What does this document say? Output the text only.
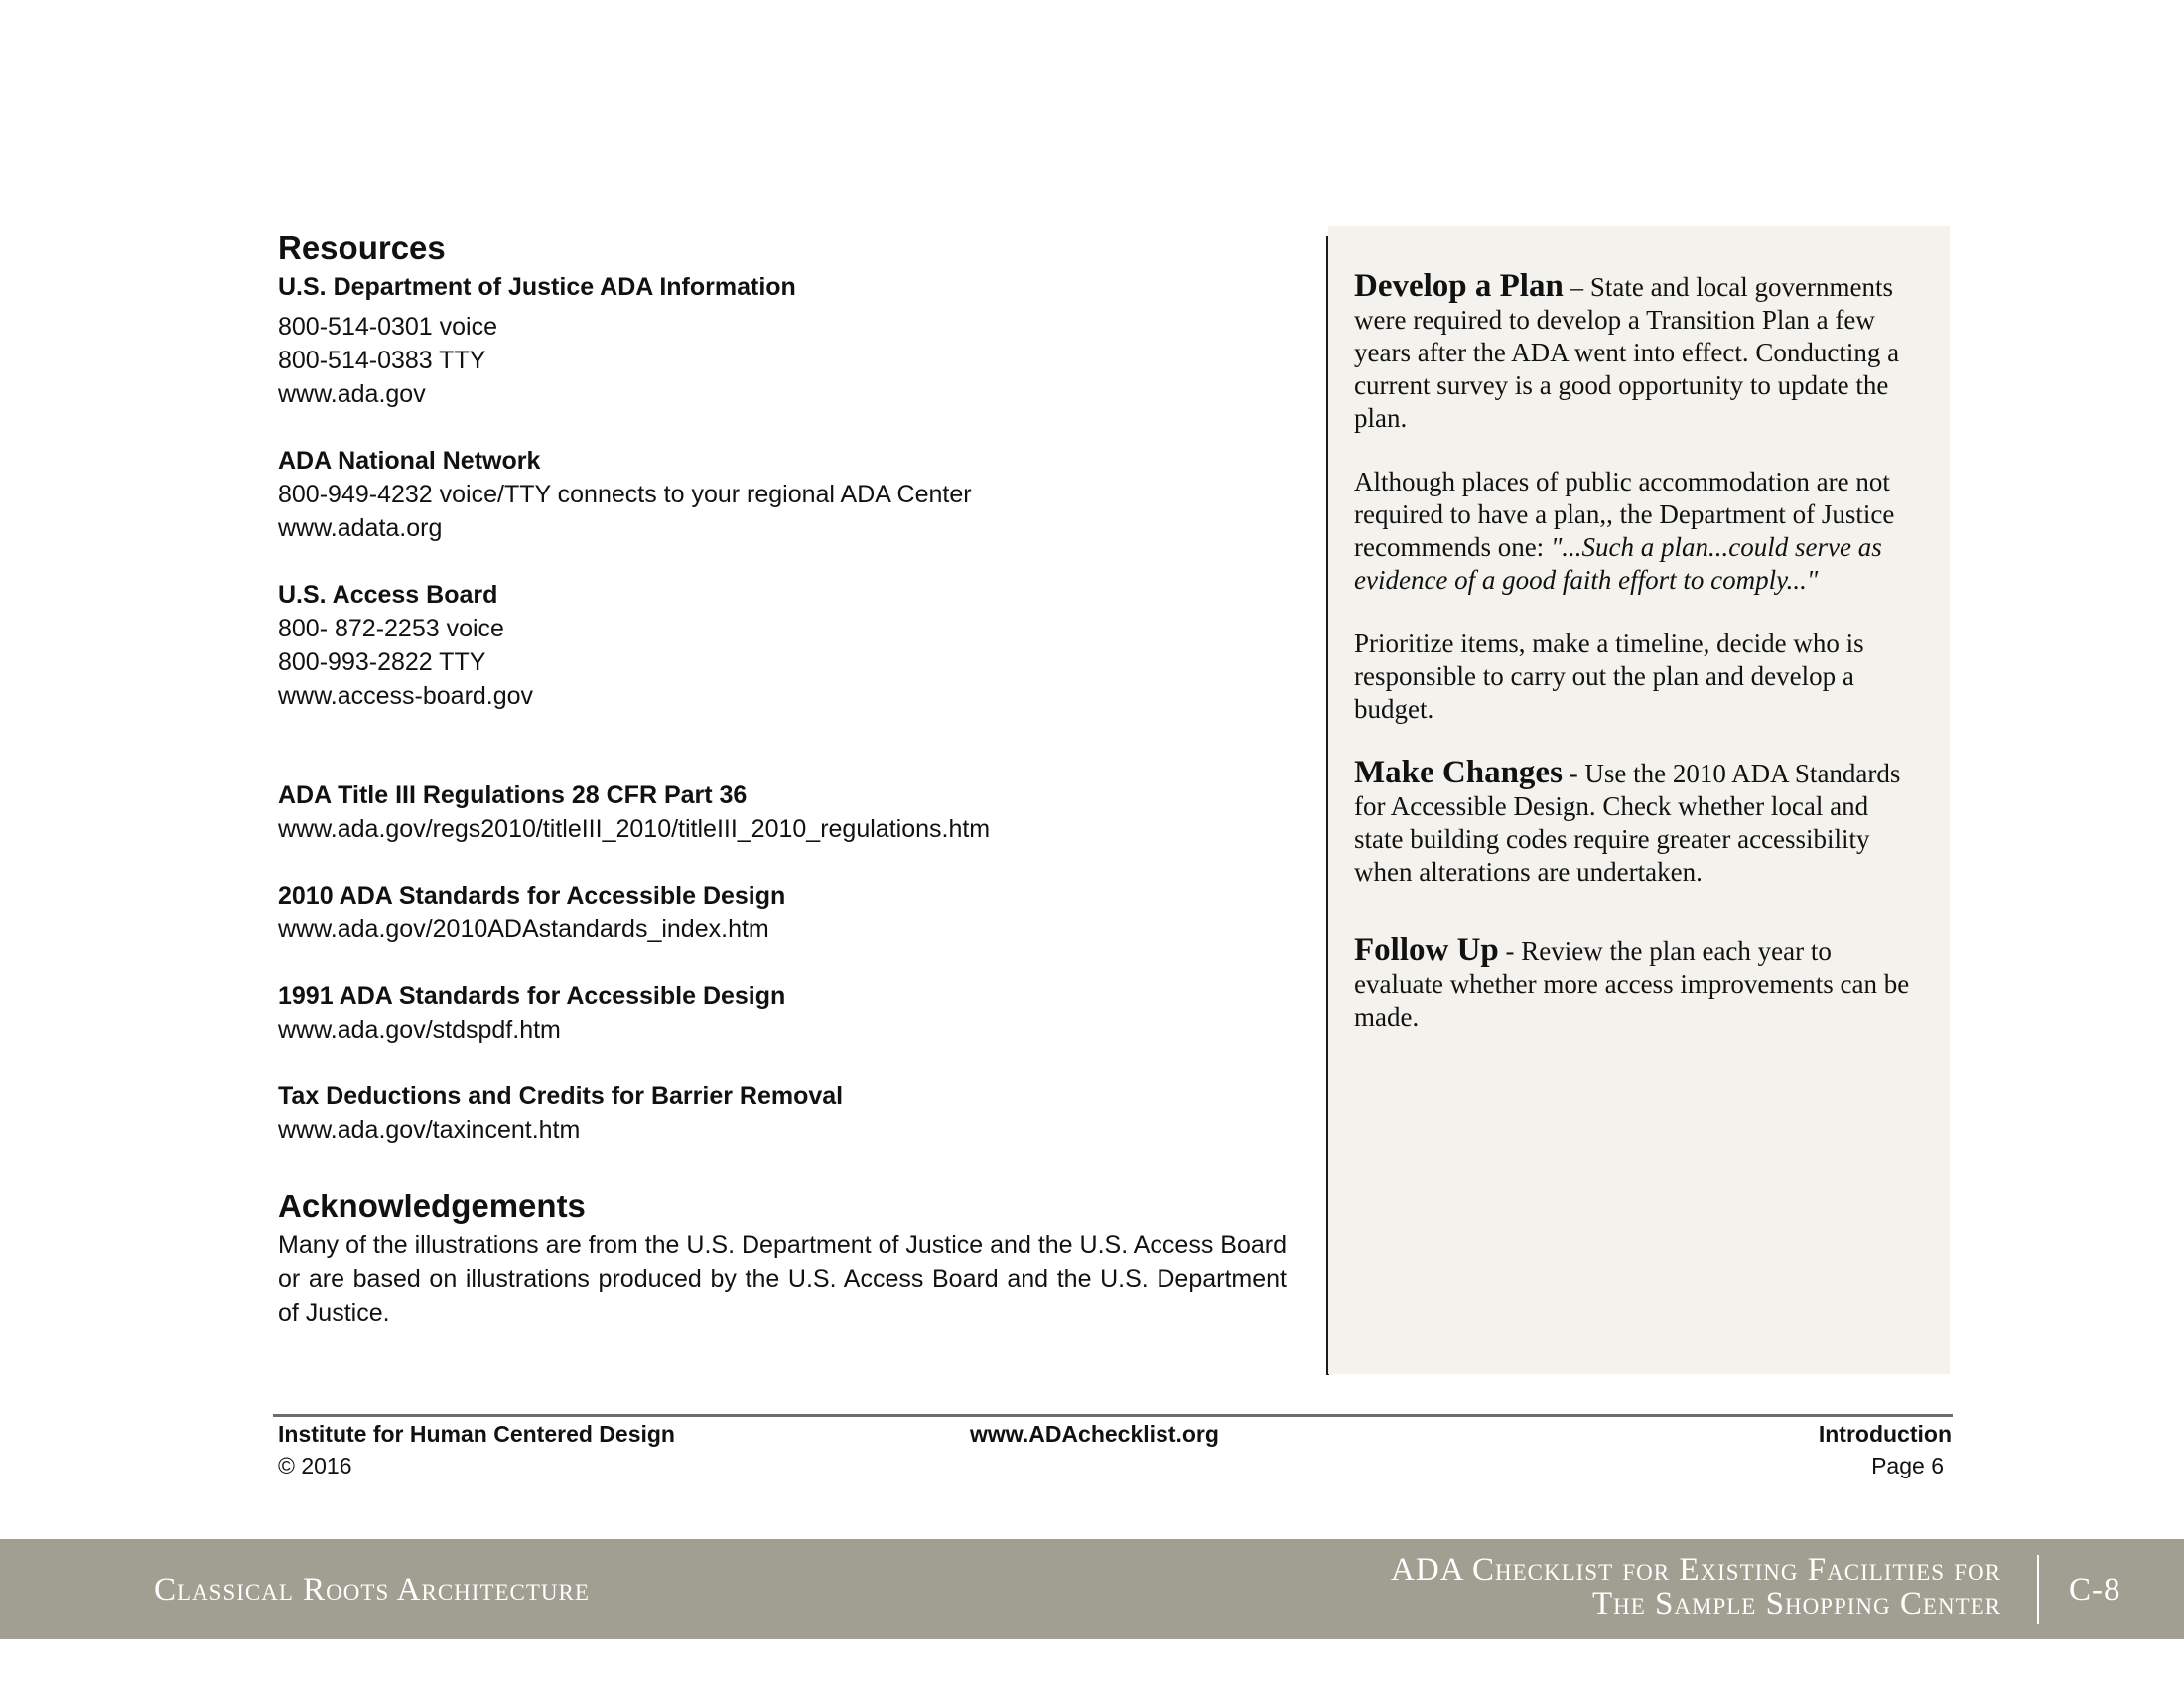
Resources
U.S. Department of Justice ADA Information
800-514-0301 voice
800-514-0383 TTY
www.ada.gov
ADA National Network
800-949-4232 voice/TTY connects to your regional ADA Center
www.adata.org
U.S. Access Board
800- 872-2253 voice
800-993-2822 TTY
www.access-board.gov
ADA Title III Regulations 28 CFR Part 36
www.ada.gov/regs2010/titleIII_2010/titleIII_2010_regulations.htm
2010 ADA Standards for Accessible Design
www.ada.gov/2010ADAstandards_index.htm
1991 ADA Standards for Accessible Design
www.ada.gov/stdspdf.htm
Tax Deductions and Credits for Barrier Removal
www.ada.gov/taxincent.htm
Acknowledgements
Many of the illustrations are from the U.S. Department of Justice and the U.S. Access Board or are based on illustrations produced by the U.S. Access Board and the U.S. Department of Justice.

Develop a Plan – State and local governments were required to develop a Transition Plan a few years after the ADA went into effect. Conducting a current survey is a good opportunity to update the plan.

Although places of public accommodation are not required to have a plan,, the Department of Justice recommends one: "...Such a plan...could serve as evidence of a good faith effort to comply..."

Prioritize items, make a timeline, decide who is responsible to carry out the plan and develop a budget.

Make Changes - Use the 2010 ADA Standards for Accessible Design. Check whether local and state building codes require greater accessibility when alterations are undertaken.

Follow Up - Review the plan each year to evaluate whether more access improvements can be made.

Institute for Human Centered Design
© 2016
www.ADAchecklist.org	Introduction
Page 6
Classical Roots Architecture
ADA Checklist for Existing Facilities for
The Sample Shopping Center C-8
